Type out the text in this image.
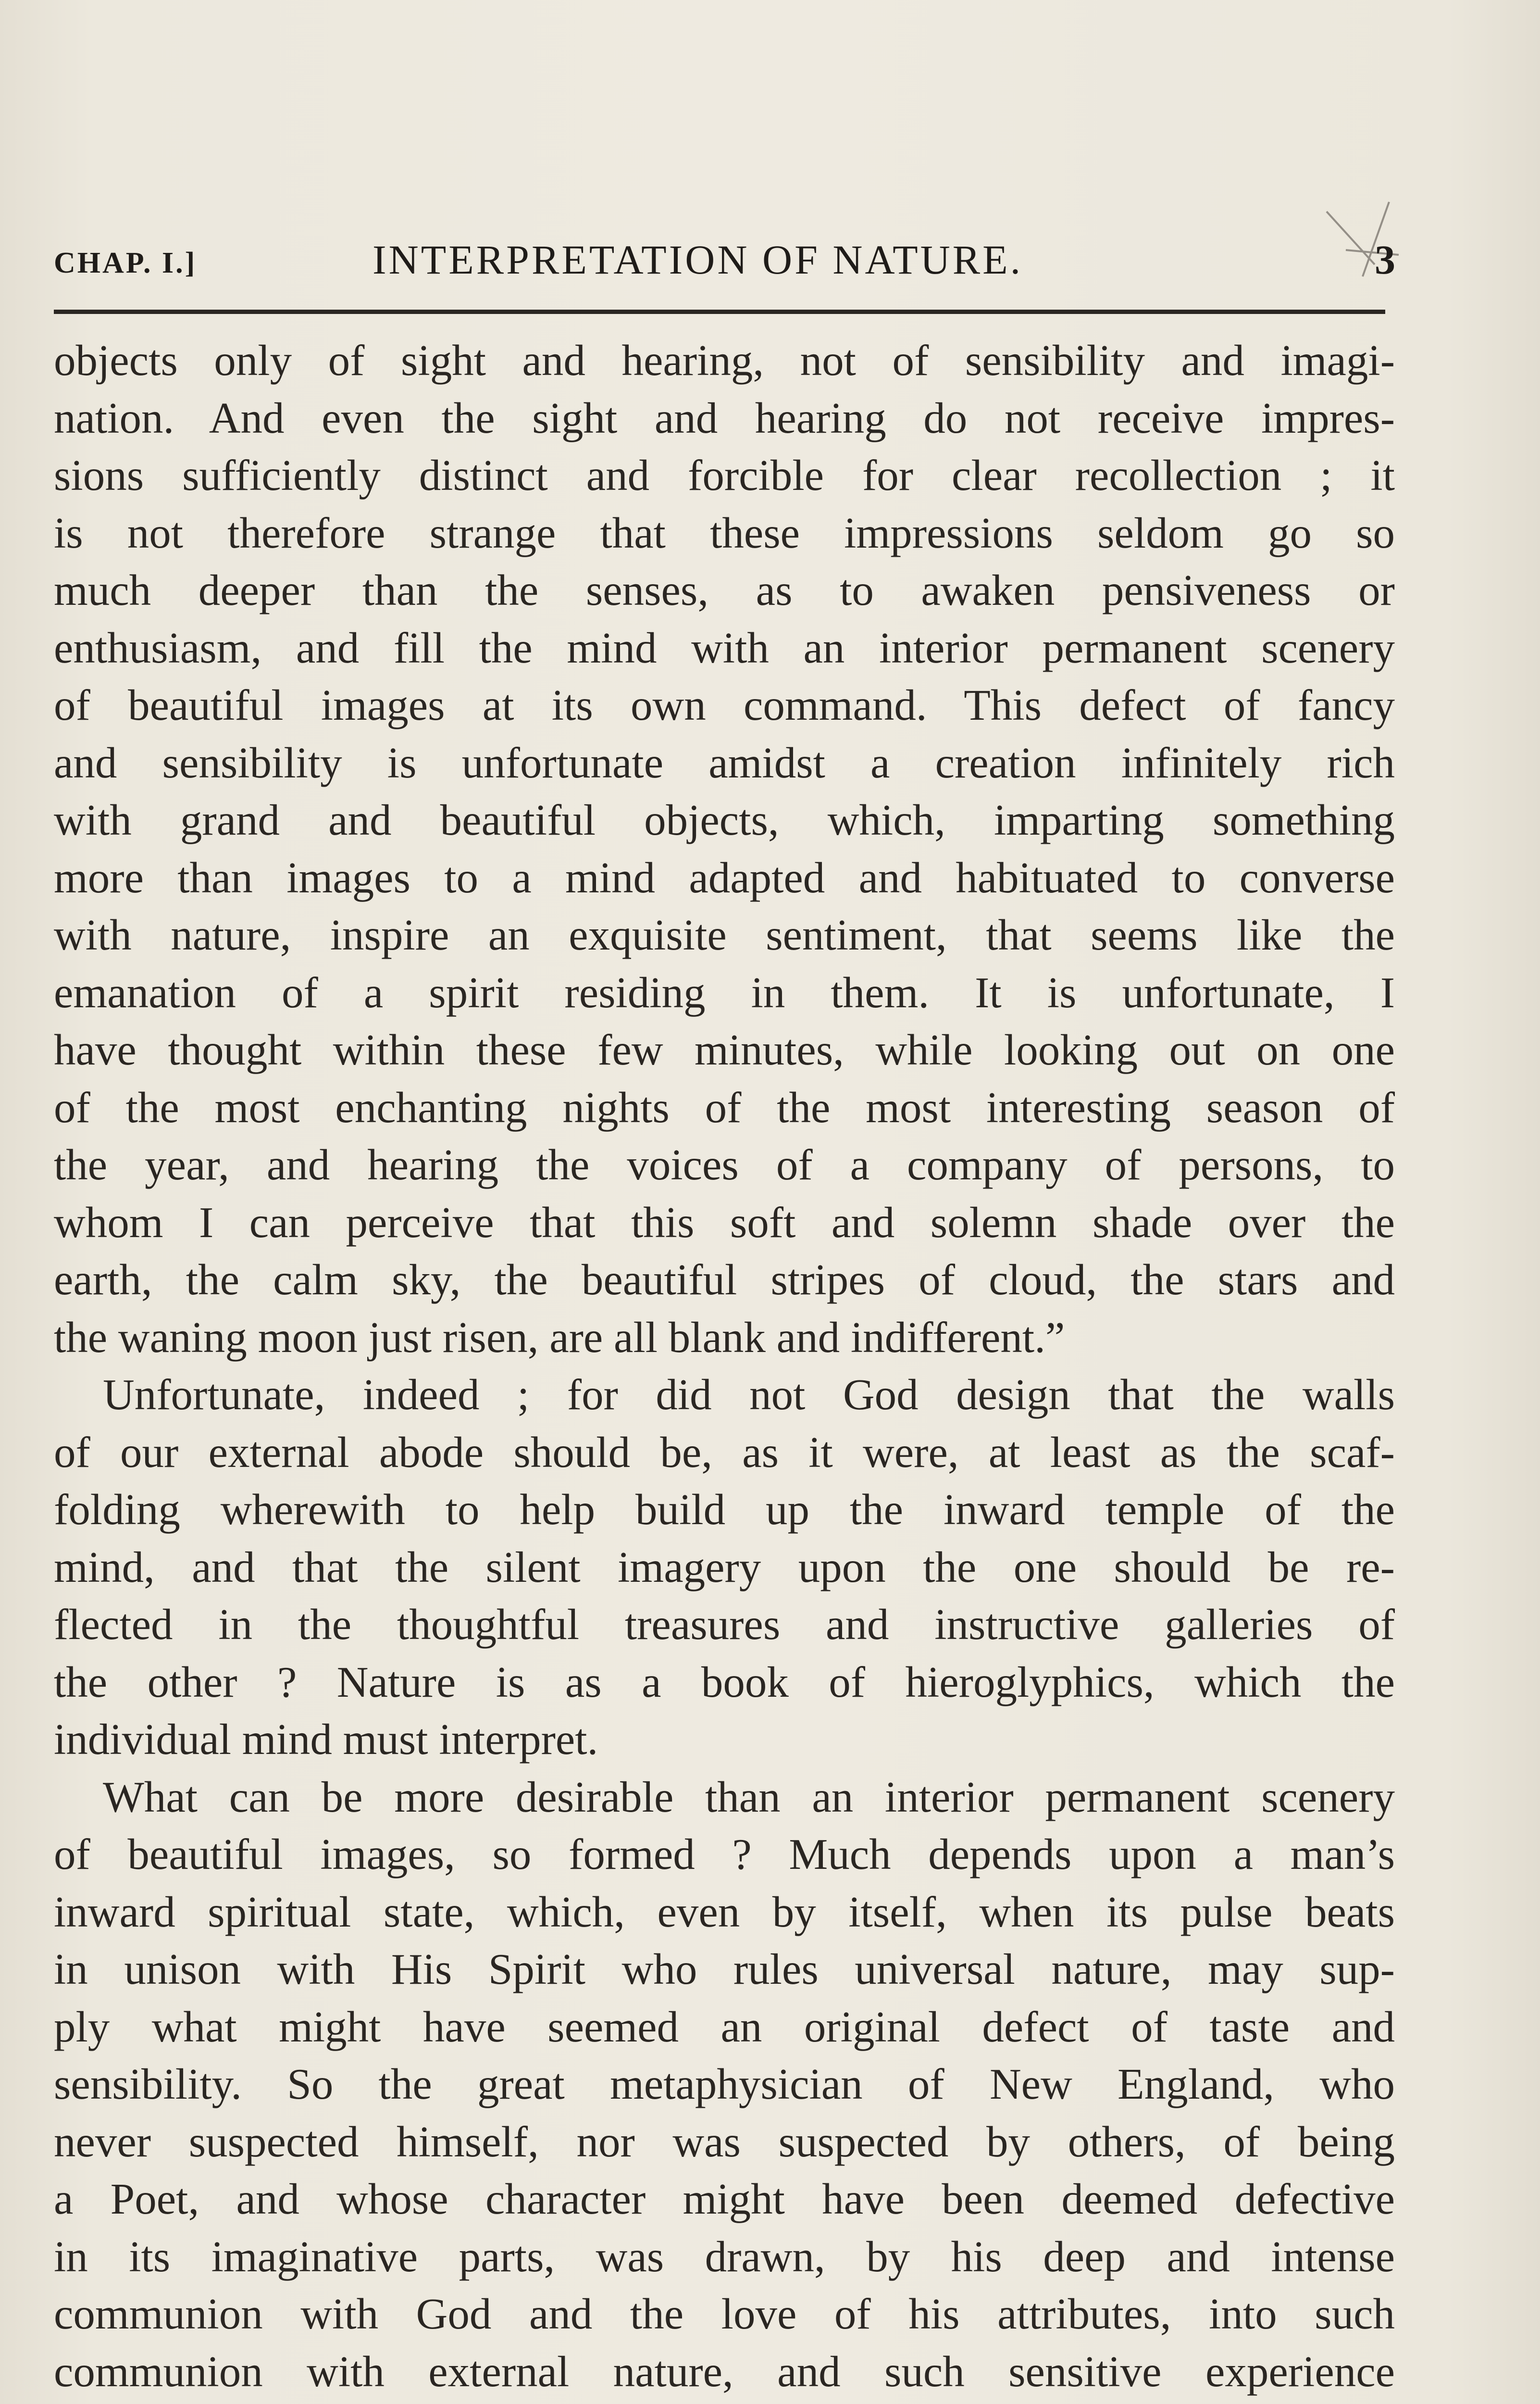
CHAP. I.]	INTERPRETATION OF NATURE.	3
objects only of sight and hearing, not of sensibility and imagi-
nation. And even the sight and hearing do not receive impres-
sions sufficiently distinct and forcible for clear recollection ; it
is not therefore strange that these impressions seldom go so
much deeper than the senses, as to awaken pensiveness or
enthusiasm, and fill the mind with an interior permanent scenery
of beautiful images at its own command. This defect of fancy
and sensibility is unfortunate amidst a creation infinitely rich
with grand and beautiful objects, which, imparting something
more than images to a mind adapted and habituated to converse
with nature, inspire an exquisite sentiment, that seems like the
emanation of a spirit residing in them. It is unfortunate, I
have thought within these few minutes, while looking out on one
of the most enchanting nights of the most interesting season of
the year, and hearing the voices of a company of persons, to
whom I can perceive that this soft and solemn shade over the
earth, the calm sky, the beautiful stripes of cloud, the stars and
the waning moon just risen, are all blank and indifferent.”
Unfortunate, indeed ; for did not God design that the walls
of our external abode should be, as it were, at least as the scaf-
folding wherewith to help build up the inward temple of the
mind, and that the silent imagery upon the one should be re-
flected in the thoughtful treasures and instructive galleries of
the other ? Nature is as a book of hieroglyphics, which the
individual mind must interpret.
What can be more desirable than an interior permanent scenery
of beautiful images, so formed ? Much depends upon a man’s
inward spiritual state, which, even by itself, when its pulse beats
in unison with His Spirit who rules universal nature, may sup-
ply what might have seemed an original defect of taste and
sensibility. So the great metaphysician of New England, who
never suspected himself, nor was suspected by others, of being
a Poet, and whose character might have been deemed defective
in its imaginative parts, was drawn, by his deep and intense
communion with God and the love of his attributes, into such
communion with external nature, and such sensitive experience
